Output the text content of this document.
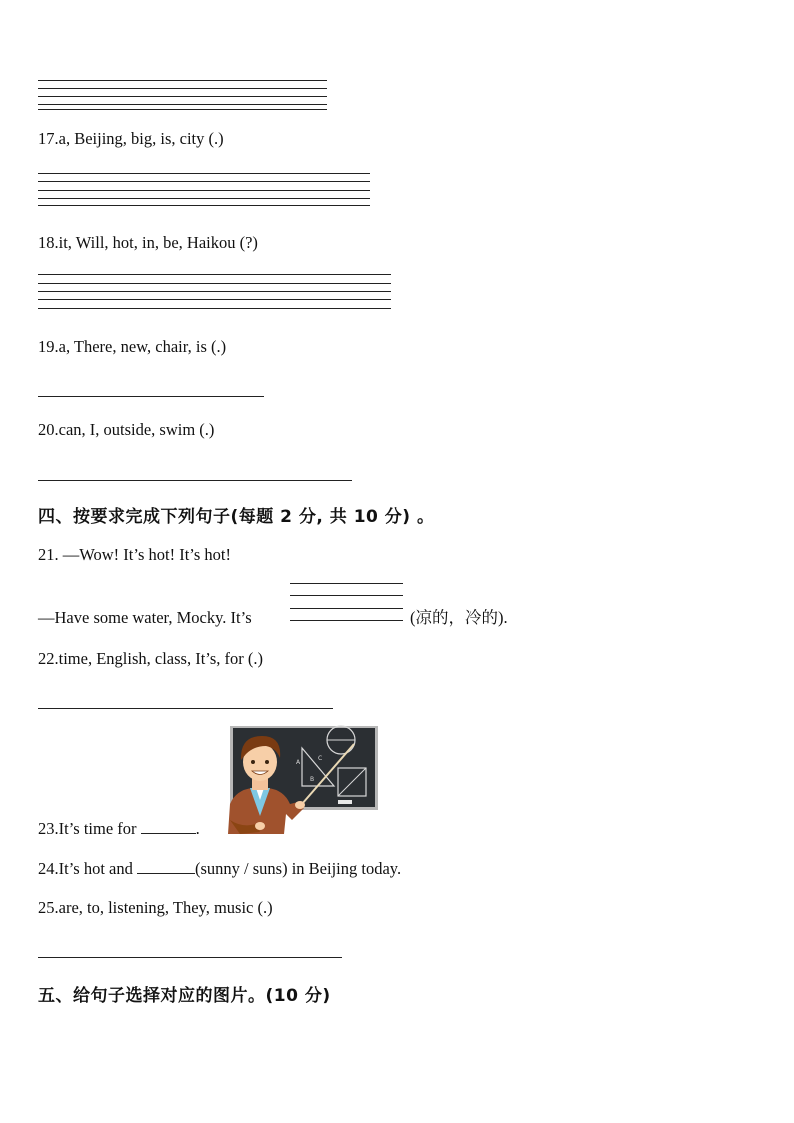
17.a, Beijing, big, is, city (.)
18.it, Will, hot, in, be, Haikou (?)
19.a, There, new, chair, is (.)
20.can, I, outside, swim (.)
四、按要求完成下列句子(每题 2 分, 共 10 分) 。
21. —Wow! It’s hot! It’s hot!
—Have some water, Mocky. It’s	(凉的，冷的).
22.time, English, class, It’s, for (.)
A
C
B
23.It’s time for	.
24.It’s hot and	(sunny / suns) in Beijing today.
25.are, to, listening, They, music (.)
五、给句子选择对应的图片。(10 分)
